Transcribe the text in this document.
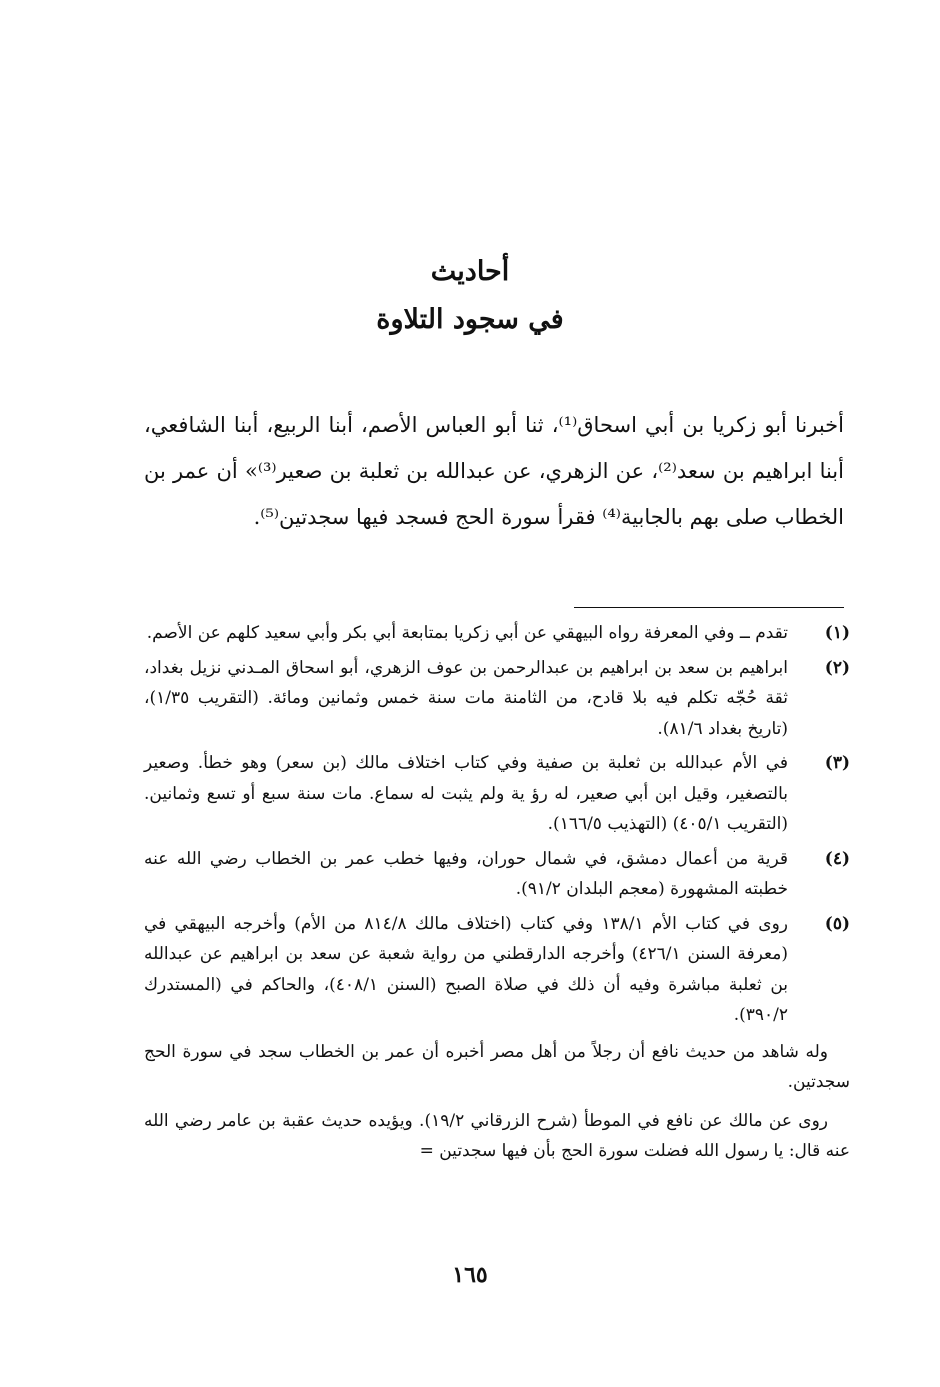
أحاديث

في سجود التلاوة

أخبرنا أبو زكريا بن أبي اسحاق⁽¹⁾، ثنا أبو العباس الأصم، أبنا الربيع، أبنا الشافعي، أبنا ابراهيم بن سعد⁽²⁾، عن الزهري، عن عبدالله بن ثعلبة بن صعير⁽³⁾» أن عمر بن الخطاب صلى بهم بالجابية⁽⁴⁾ فقرأ سورة الحج فسجد فيها سجدتين⁽⁵⁾.

(١)
تقدم ــ وفي المعرفة رواه البيهقي عن أبي زكريا بمتابعة أبي بكر وأبي سعيد كلهم عن الأصم.
(٢)
ابراهيم بن سعد بن ابراهيم بن عبدالرحمن بن عوف الزهري، أبو اسحاق المـدني نزيل بغداد، ثقة حُجّه تكلم فيه بلا قادح، من الثامنة مات سنة خمس وثمانين ومائة. (التقريب ١/٣٥)، (تاريخ بغداد ٨١/٦).
(٣)
في الأم عبدالله بن ثعلبة بن صفية وفي كتاب اختلاف مالك (بن سعر) وهو خطأ. وصعير بالتصغير، وقيل ابن أبي صعير، له رؤ ية ولم يثبت له سماع. مات سنة سبع أو تسع وثمانين. (التقريب ٤٠٥/١) (التهذيب ١٦٦/٥).
(٤)
قرية من أعمال دمشق، في شمال حوران، وفيها خطب عمر بن الخطاب رضي الله عنه خطبته المشهورة (معجم البلدان ٩١/٢).
(٥)
روى في كتاب الأم ١٣٨/١ وفي كتاب (اختلاف مالك ٨١٤/٨ من الأم) وأخرجه البيهقي في (معرفة السنن ٤٢٦/١) وأخرجه الدارقطني من رواية شعبة عن سعد بن ابراهيم عن عبدالله بن ثعلبة مباشرة وفيه أن ذلك في صلاة الصبح (السنن ٤٠٨/١)، والحاكم في (المستدرك ٣٩٠/٢).

وله شاهد من حديث نافع أن رجلاً من أهل مصر أخبره أن عمر بن الخطاب سجد في سورة الحج سجدتين.

روى عن مالك عن نافع في الموطأ (شرح الزرقاني ١٩/٢). ويؤيده حديث عقبة بن عامر رضي الله عنه قال: يا رسول الله فضلت سورة الحج بأن فيها سجدتين =

١٦٥
